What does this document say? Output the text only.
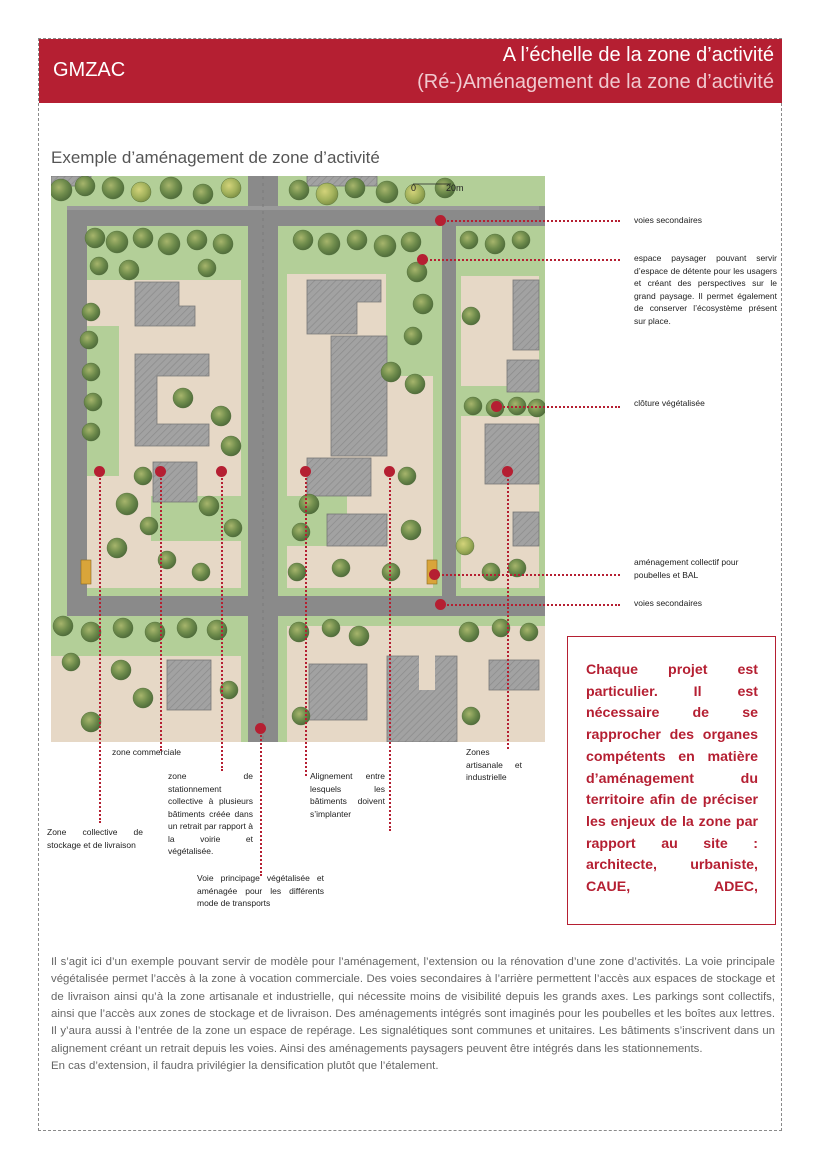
GMZAC
A l’échelle de la zone d’activité
(Ré-)Aménagement de la zone d’activité
Exemple d’aménagement de zone d’activité
0	20m
voies secondaires
espace paysager pouvant servir d’espace de détente pour les usagers et créant des perspectives sur le grand paysage. Il permet également de conserver l’écosystème présent sur place.
clôture végétalisée
aménagement collectif pour poubelles et BAL
voies secondaires
zone commerciale	Zones artisanale et industrielle
zone de stationnement collective à plusieurs bâtiments créée dans un retrait par rapport à la voirie et végétalisée.
Alignement entre lesquels les bâtiments doivent s’implanter
Zone collective de stockage et de livraison
Voie principage végétalisée et aménagée pour les différents mode de transports

Chaque projet est particulier. Il est nécessaire de se rapprocher des organes compétents en matière d’aménagement du territoire afin de préciser les enjeux de la zone par rapport au site : architecte, urbaniste, CAUE, ADEC,

Il s’agit ici d’un exemple pouvant servir de modèle pour l’aménagement, l’extension ou la rénovation d’une zone d’activités. La voie principale végétalisée permet l’accès à la zone à vocation commerciale. Des voies secondaires à l’arrière permettent l’accès aux espaces de stockage et de livraison ainsi qu’à la zone artisanale et industrielle, qui nécessite moins de visibilité depuis les grands axes. Les parkings sont collectifs, ainsi que l’accès aux zones de stockage et de livraison. Des aménagements intégrés sont imaginés pour les poubelles et les boîtes aux lettres. Il y’aura aussi à l’entrée de la zone un espace de repérage. Les signalétiques sont communes et unitaires. Les bâtiments s’inscrivent dans un alignement créant un retrait depuis les voies. Ainsi des aménagements paysagers peuvent être intégrés dans les stationnements.

En cas d’extension, il faudra privilégier la densification plutôt que l’étalement.
